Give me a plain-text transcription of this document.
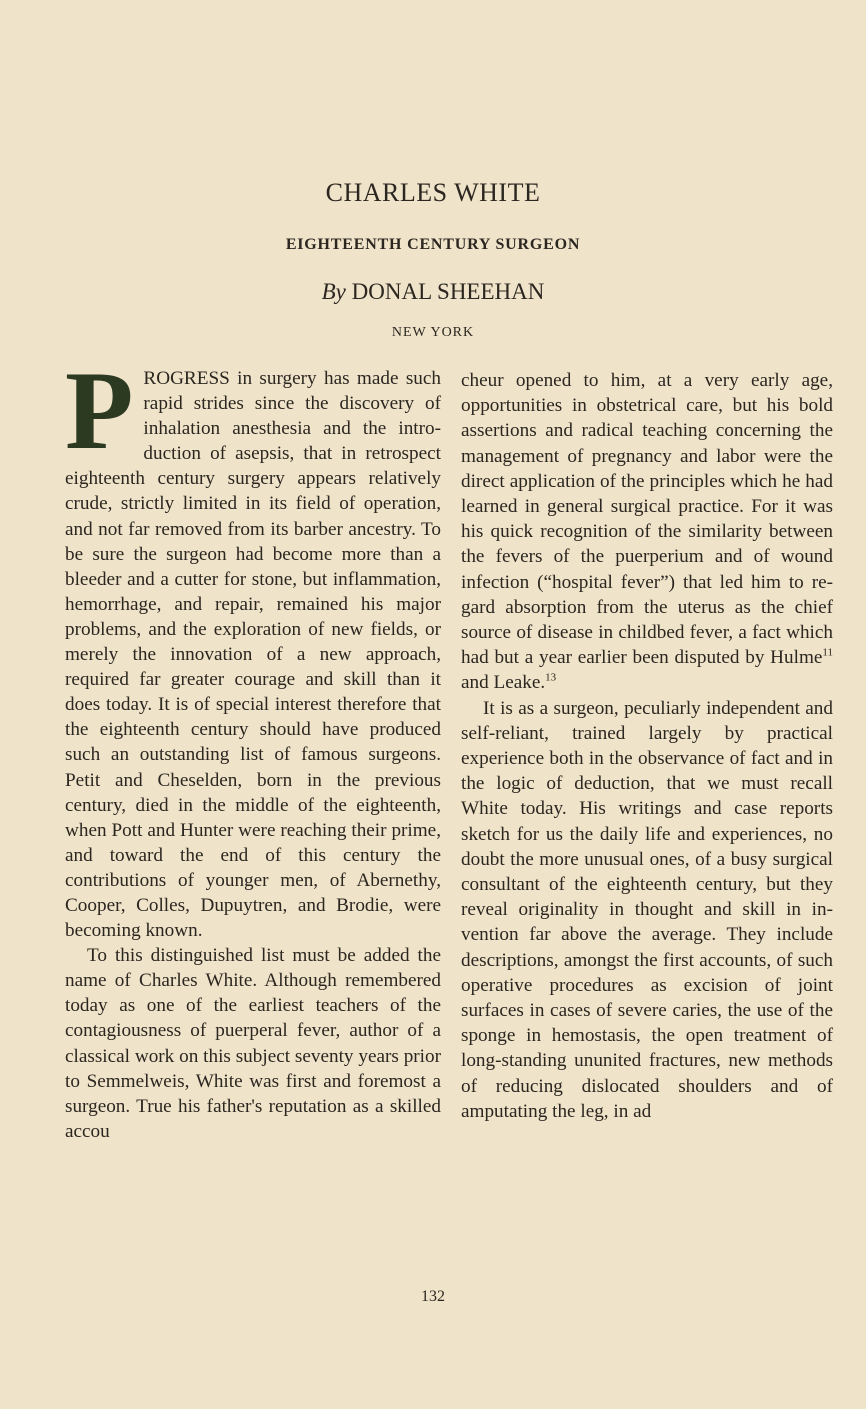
CHARLES WHITE
EIGHTEENTH CENTURY SURGEON

By DONAL SHEEHAN

NEW YORK

PROGRESS in surgery has made such rapid strides since the discovery of inhalation anesthesia and the introduction of asepsis, that in retrospect eighteenth century surgery appears relatively crude, strictly limited in its field of operation, and not far removed from its barber ancestry. To be sure the surgeon had become more than a bleeder and a cutter for stone, but inflammation, hemorrhage, and repair, remained his major problems, and the exploration of new fields, or merely the innovation of a new approach, required far greater courage and skill than it does today. It is of special interest therefore that the eighteenth century should have produced such an outstanding list of famous surgeons. Petit and Cheselden, born in the previous century, died in the middle of the eighteenth, when Pott and Hunter were reaching their prime, and toward the end of this century the contributions of younger men, of Abernethy, Cooper, Colles, Dupuytren, and Brodie, were becoming known.

To this distinguished list must be added the name of Charles White. Although remembered today as one of the earliest teachers of the contagiousness of puerperal fever, author of a classical work on this subject seventy years prior to Semmelweis, White was first and foremost a surgeon. True his father's reputation as a skilled accou

cheur opened to him, at a very early age, opportunities in obstetrical care, but his bold assertions and radical teaching concerning the management of pregnancy and labor were the direct application of the principles which he had learned in general surgical practice. For it was his quick recognition of the similarity between the fevers of the puerperium and of wound infection (“hospital fever”) that led him to regard absorption from the uterus as the chief source of disease in childbed fever, a fact which had but a year earlier been disputed by Hulme$^{11}$ and Leake.$^{13}$

It is as a surgeon, peculiarly independent and self-reliant, trained largely by practical experience both in the observance of fact and in the logic of deduction, that we must recall White today. His writings and case reports sketch for us the daily life and experiences, no doubt the more unusual ones, of a busy surgical consultant of the eighteenth century, but they reveal originality in thought and skill in invention far above the average. They include descriptions, amongst the first accounts, of such operative procedures as excision of joint surfaces in cases of severe caries, the use of the sponge in hemostasis, the open treatment of long-standing ununited fractures, new methods of reducing dislocated shoulders and of amputating the leg, in ad

132
